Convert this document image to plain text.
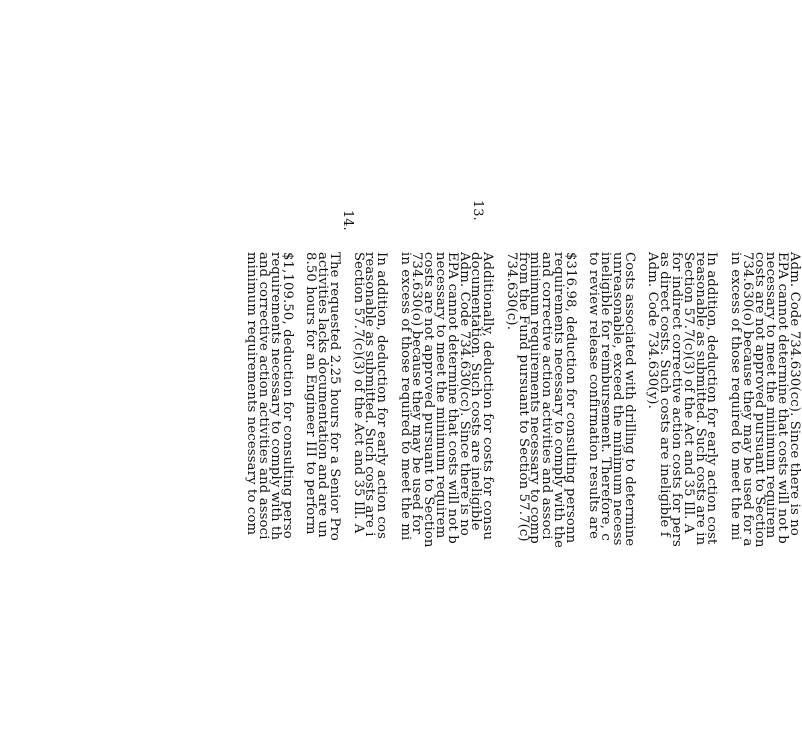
13.
14.
Adm. Code 734.630(cc). Since there is no
EPA cannot determine that costs will not b
necessary to meet the minimum requirem
costs are not approved pursuant to Section
734.630(o) because they may be used for a
in excess of those required to meet the mi
In addition, deduction for early action cost
reasonable as submitted. Such costs are in
Section 57.7(c)(3) of the Act and 35 Ill. A
for indirect corrective action costs for pers
as direct costs. Such costs are ineligible f
Adm. Code 734.630(y).
Costs associated with drilling to determine
unreasonable, exceed the minimum necess
ineligible for reimbursement. Therefore, c
to review release confirmation results are
$316.98, deduction for consulting personn
requirements necessary to comply with the
and corrective action activities and associ
minimum requirements necessary to comp
from the Fund pursuant to Section 57.7(c)
734.630(c).
Additionally, deduction for costs for consu
documentation. Such costs are ineligible
Adm. Code 734.630(cc). Since there is no
EPA cannot determine that costs will not b
necessary to meet the minimum requirem
costs are not approved pursuant to Section
734.630(o) because they may be used for
in excess of those required to meet the mi
In addition, deduction for early action cos
reasonable as submitted. Such costs are i
Section 57.7(c)(3) of the Act and 35 Ill. A
The requested 2.25 hours for a Senior Pro
activities lacks documentation and are un
8.50 hours for an Engineer III to perform
$1,109.50, deduction for consulting perso
requirements necessary to comply with th
and corrective action activities and associ
minimum requirements necessary to com
